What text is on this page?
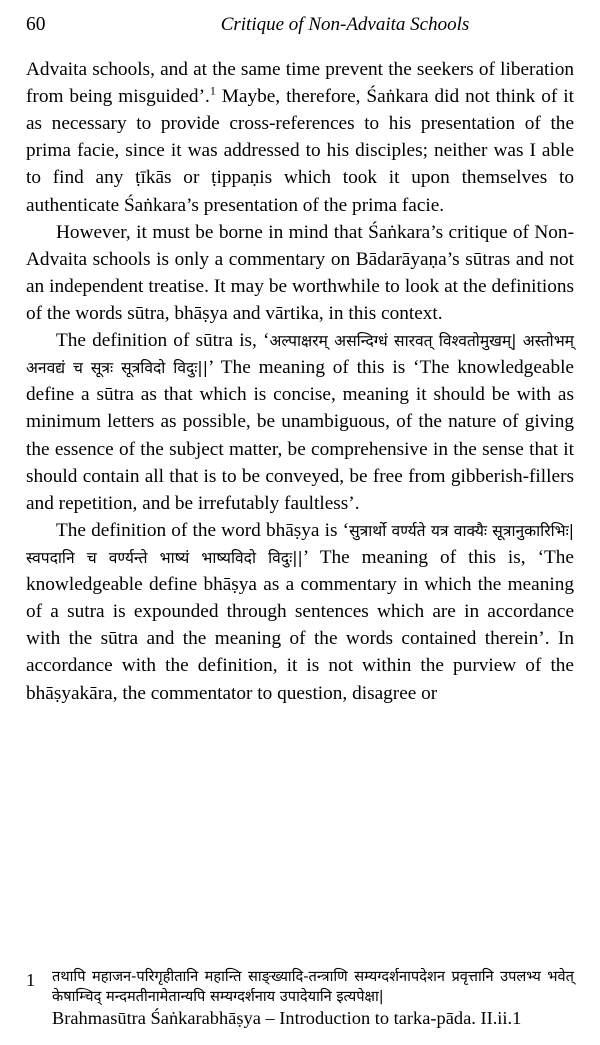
60	Critique of Non-Advaita Schools

Advaita schools, and at the same time prevent the seekers of liberation from being misguided’.$^1$ Maybe, therefore, Śaṅkara did not think of it as necessary to provide cross-references to his presentation of the prima facie, since it was addressed to his disciples; neither was I able to find any ṭīkās or ṭippaṇis which took it upon themselves to authenticate Śaṅkara’s presentation of the prima facie.

However, it must be borne in mind that Śaṅkara’s critique of Non-Advaita schools is only a commentary on Bādarāyaṇa’s sūtras and not an independent treatise. It may be worthwhile to look at the definitions of the words sūtra, bhāṣya and vārtika, in this context.

The definition of sūtra is, ‘अल्पाक्षरम् असन्दिग्धं सारवत् विश्वतोमुखम्| अस्तोभम् अनवद्यं च सूत्रः सूत्रविदो विदुः||’ The meaning of this is ‘The knowledgeable define a sūtra as that which is concise, meaning it should be with as minimum letters as possible, be unambiguous, of the nature of giving the essence of the subject matter, be comprehensive in the sense that it should contain all that is to be conveyed, be free from gibberish-fillers and repetition, and be irrefutably faultless’.

The definition of the word bhāṣya is ‘सुत्रार्थो वर्ण्यते यत्र वाक्यैः सूत्रानुकारिभिः| स्वपदानि च वर्ण्यन्ते भाष्यं भाष्यविदो विदुः||’ The meaning of this is, ‘The knowledgeable define bhāṣya as a commentary in which the meaning of a sutra is expounded through sentences which are in accordance with the sūtra and the meaning of the words contained therein’. In accordance with the definition, it is not within the purview of the bhāṣyakāra, the commentator to question, disagree or

1	तथापि महाजन-परिगृहीतानि महान्ति साङ्ख्यादि-तन्त्राणि सम्यग्दर्शनापदेशन प्रवृत्तानि उपलभ्य भवेत् केषाम्चिद् मन्दमतीनामेतान्यपि सम्यग्दर्शनाय उपादेयानि इत्यपेक्षा|
Brahmasūtra Śaṅkarabhāṣya – Introduction to tarka-pāda. II.ii.1
